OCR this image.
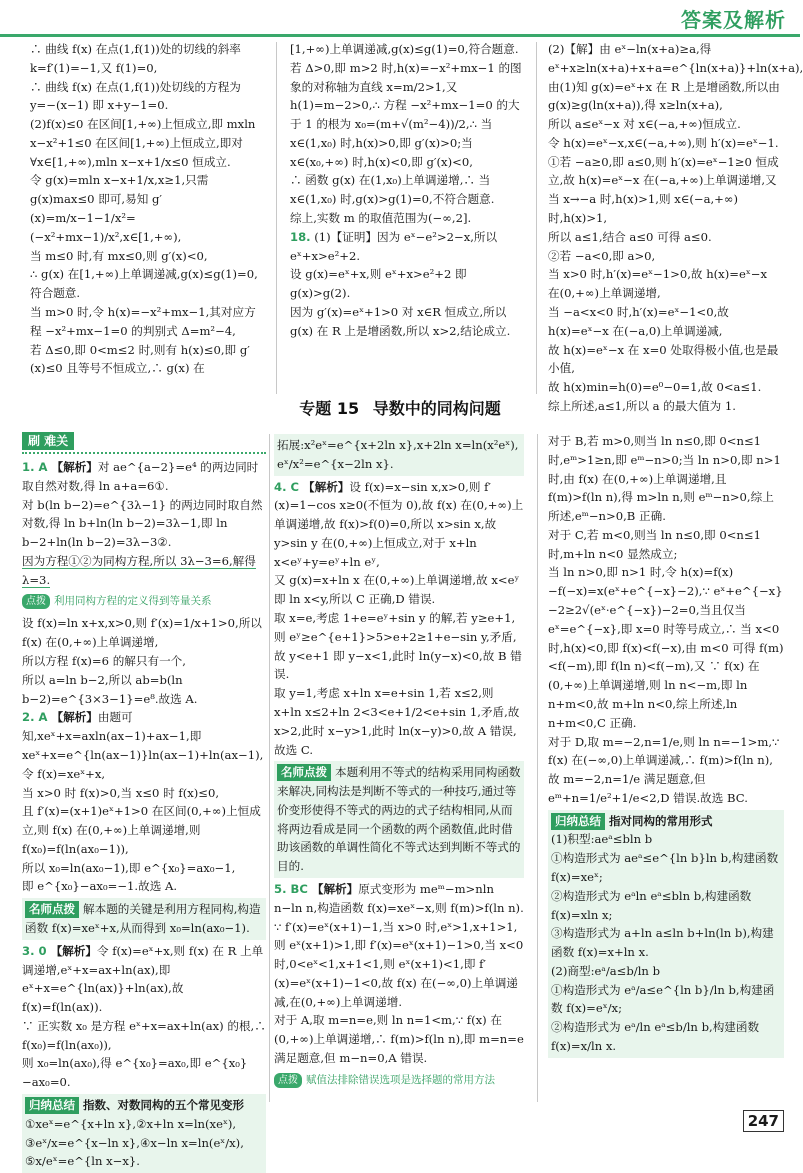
答案及解析

∴ 曲线 f(x) 在点(1,f(1))处的切线的斜率 k=f′(1)=−1,又 f(1)=0,

∴ 曲线 f(x) 在点(1,f(1))处切线的方程为 y=−(x−1) 即 x+y−1=0.

(2)f(x)≤0 在区间[1,+∞)上恒成立,即 mxln x−x²+1≤0 在区间[1,+∞)上恒成立,即对 ∀x∈[1,+∞),mln x−x+1/x≤0 恒成立.

令 g(x)=mln x−x+1/x,x≥1,只需 g(x)max≤0 即可,易知 g′(x)=m/x−1−1/x²=(−x²+mx−1)/x²,x∈[1,+∞),

当 m≤0 时,有 mx≤0,则 g′(x)<0,

∴ g(x) 在[1,+∞)上单调递减,g(x)≤g(1)=0,符合题意.

当 m>0 时,令 h(x)=−x²+mx−1,其对应方程 −x²+mx−1=0 的判别式 Δ=m²−4,

若 Δ≤0,即 0<m≤2 时,则有 h(x)≤0,即 g′(x)≤0 且等号不恒成立,∴ g(x) 在

[1,+∞)上单调递减,g(x)≤g(1)=0,符合题意.

若 Δ>0,即 m>2 时,h(x)=−x²+mx−1 的图象的对称轴为直线 x=m/2>1,又 h(1)=m−2>0,∴ 方程 −x²+mx−1=0 的大于 1 的根为 x₀=(m+√(m²−4))/2,∴ 当 x∈(1,x₀) 时,h(x)>0,即 g′(x)>0;当 x∈(x₀,+∞) 时,h(x)<0,即 g′(x)<0,

∴ 函数 g(x) 在(1,x₀)上单调递增,∴ 当 x∈(1,x₀) 时,g(x)>g(1)=0,不符合题意.

综上,实数 m 的取值范围为(−∞,2].

18. (1)【证明】因为 eˣ−e²>2−x,所以 eˣ+x>e²+2.

设 g(x)=eˣ+x,则 eˣ+x>e²+2 即 g(x)>g(2).

因为 g′(x)=eˣ+1>0 对 x∈R 恒成立,所以 g(x) 在 R 上是增函数,所以 x>2,结论成立.

(2)【解】由 eˣ−ln(x+a)≥a,得 eˣ+x≥ln(x+a)+x+a=e^{ln(x+a)}+ln(x+a),

由(1)知 g(x)=eˣ+x 在 R 上是增函数,所以由 g(x)≥g(ln(x+a)),得 x≥ln(x+a),

所以 a≤eˣ−x 对 x∈(−a,+∞)恒成立.

令 h(x)=eˣ−x,x∈(−a,+∞),则 h′(x)=eˣ−1.

①若 −a≥0,即 a≤0,则 h′(x)=eˣ−1≥0 恒成立,故 h(x)=eˣ−x 在(−a,+∞)上单调递增,又当 x→−a 时,h(x)>1,则 x∈(−a,+∞) 时,h(x)>1,

所以 a≤1,结合 a≤0 可得 a≤0.

②若 −a<0,即 a>0,

当 x>0 时,h′(x)=eˣ−1>0,故 h(x)=eˣ−x 在(0,+∞)上单调递增,

当 −a<x<0 时,h′(x)=eˣ−1<0,故 h(x)=eˣ−x 在(−a,0)上单调递减,

故 h(x)=eˣ−x 在 x=0 处取得极小值,也是最小值,

故 h(x)min=h(0)=e⁰−0=1,故 0<a≤1.

综上所述,a≤1,所以 a 的最大值为 1.

专题 15 导数中的同构问题
刷 难关

1. A 【解析】对 ae^{a−2}=e⁴ 的两边同时取自然对数,得 ln a+a=6①.

对 b(ln b−2)=e^{3λ−1} 的两边同时取自然对数,得 ln b+ln(ln b−2)=3λ−1,即 ln b−2+ln(ln b−2)=3λ−3②.

因为方程①②为同构方程,所以 3λ−3=6,解得 λ=3.

点拨 利用同构方程的定义得到等量关系

设 f(x)=ln x+x,x>0,则 f′(x)=1/x+1>0,所以 f(x) 在(0,+∞)上单调递增,

所以方程 f(x)=6 的解只有一个,

所以 a=ln b−2,所以 ab=b(ln b−2)=e^{3×3−1}=e⁸.故选 A.

2. A 【解析】由题可知,xeˣ+x=axln(ax−1)+ax−1,即 xeˣ+x=e^{ln(ax−1)}ln(ax−1)+ln(ax−1),令 f(x)=xeˣ+x,

当 x>0 时 f(x)>0,当 x≤0 时 f(x)≤0,

且 f′(x)=(x+1)eˣ+1>0 在区间(0,+∞)上恒成立,则 f(x) 在(0,+∞)上单调递增,则 f(x₀)=f(ln(ax₀−1)),

所以 x₀=ln(ax₀−1),即 e^{x₀}=ax₀−1,

即 e^{x₀}−ax₀=−1.故选 A.

名师点拨 解本题的关键是利用方程同构,构造函数 f(x)=xeˣ+x,从而得到 x₀=ln(ax₀−1).

3. 0 【解析】令 f(x)=eˣ+x,则 f(x) 在 R 上单调递增,eˣ+x=ax+ln(ax),即 eˣ+x=e^{ln(ax)}+ln(ax),故 f(x)=f(ln(ax)).

∵ 正实数 x₀ 是方程 eˣ+x=ax+ln(ax) 的根,∴ f(x₀)=f(ln(ax₀)),

则 x₀=ln(ax₀),得 e^{x₀}=ax₀,即 e^{x₀}−ax₀=0.

归纳总结 指数、对数同构的五个常见变形

①xeˣ=e^{x+ln x},②x+ln x=ln(xeˣ),

③eˣ/x=e^{x−ln x},④x−ln x=ln(eˣ/x),

⑤x/eˣ=e^{ln x−x}.

拓展:x²eˣ=e^{x+2ln x},x+2ln x=ln(x²eˣ),

eˣ/x²=e^{x−2ln x}.

4. C 【解析】设 f(x)=x−sin x,x>0,则 f′(x)=1−cos x≥0(不恒为 0),故 f(x) 在(0,+∞)上单调递增,故 f(x)>f(0)=0,所以 x>sin x,故 y>sin y 在(0,+∞)上恒成立,对于 x+ln x<eʸ+y=eʸ+ln eʸ,

又 g(x)=x+ln x 在(0,+∞)上单调递增,故 x<eʸ 即 ln x<y,所以 C 正确,D 错误.

取 x=e,考虑 1+e=eʸ+sin y 的解,若 y≥e+1,则 eʸ≥e^{e+1}>5>e+2≥1+e−sin y,矛盾,故 y<e+1 即 y−x<1,此时 ln(y−x)<0,故 B 错误.

取 y=1,考虑 x+ln x=e+sin 1,若 x≤2,则 x+ln x≤2+ln 2<3<e+1/2<e+sin 1,矛盾,故 x>2,此时 x−y>1,此时 ln(x−y)>0,故 A 错误,故选 C.

名师点拨 本题利用不等式的结构采用同构函数来解决,同构法是判断不等式的一种技巧,通过等价变形使得不等式的两边的式子结构相同,从而将两边看成是同一个函数的两个函数值,此时借助该函数的单调性简化不等式达到判断不等式的目的.

5. BC 【解析】原式变形为 meᵐ−m>nln n−ln n,构造函数 f(x)=xeˣ−x,则 f(m)>f(ln n).

∵ f′(x)=eˣ(x+1)−1,当 x>0 时,eˣ>1,x+1>1,则 eˣ(x+1)>1,即 f′(x)=eˣ(x+1)−1>0,当 x<0 时,0<eˣ<1,x+1<1,则 eˣ(x+1)<1,即 f′(x)=eˣ(x+1)−1<0,故 f(x) 在(−∞,0)上单调递减,在(0,+∞)上单调递增.

对于 A,取 m=n=e,则 ln n=1<m,∵ f(x) 在(0,+∞)上单调递增,∴ f(m)>f(ln n),即 m=n=e 满足题意,但 m−n=0,A 错误.

点拨 赋值法排除错误选项是选择题的常用方法

对于 B,若 m>0,则当 ln n≤0,即 0<n≤1 时,eᵐ>1≥n,即 eᵐ−n>0;当 ln n>0,即 n>1 时,由 f(x) 在(0,+∞)上单调递增,且 f(m)>f(ln n),得 m>ln n,则 eᵐ−n>0,综上所述,eᵐ−n>0,B 正确.

对于 C,若 m<0,则当 ln n≤0,即 0<n≤1 时,m+ln n<0 显然成立;

当 ln n>0,即 n>1 时,令 h(x)=f(x)−f(−x)=x(eˣ+e^{−x}−2),∵ eˣ+e^{−x}−2≥2√(eˣ·e^{−x})−2=0,当且仅当 eˣ=e^{−x},即 x=0 时等号成立,∴ 当 x<0 时,h(x)<0,即 f(x)<f(−x),由 m<0 可得 f(m)<f(−m),即 f(ln n)<f(−m),又 ∵ f(x) 在(0,+∞)上单调递增,则 ln n<−m,即 ln n+m<0,故 m+ln n<0,综上所述,ln n+m<0,C 正确.

对于 D,取 m=−2,n=1/e,则 ln n=−1>m,∵ f(x) 在(−∞,0)上单调递减,∴ f(m)>f(ln n),故 m=−2,n=1/e 满足题意,但 eᵐ+n=1/e²+1/e<2,D 错误.故选 BC.

归纳总结 指对同构的常用形式

(1)积型:aeᵃ≤bln b

①构造形式为 aeᵃ≤e^{ln b}ln b,构建函数 f(x)=xeˣ;

②构造形式为 eᵃln eᵃ≤bln b,构建函数 f(x)=xln x;

③构造形式为 a+ln a≤ln b+ln(ln b),构建函数 f(x)=x+ln x.

(2)商型:eᵃ/a≤b/ln b

①构造形式为 eᵃ/a≤e^{ln b}/ln b,构建函数 f(x)=eˣ/x;

②构造形式为 eᵃ/ln eᵃ≤b/ln b,构建函数 f(x)=x/ln x.

247
